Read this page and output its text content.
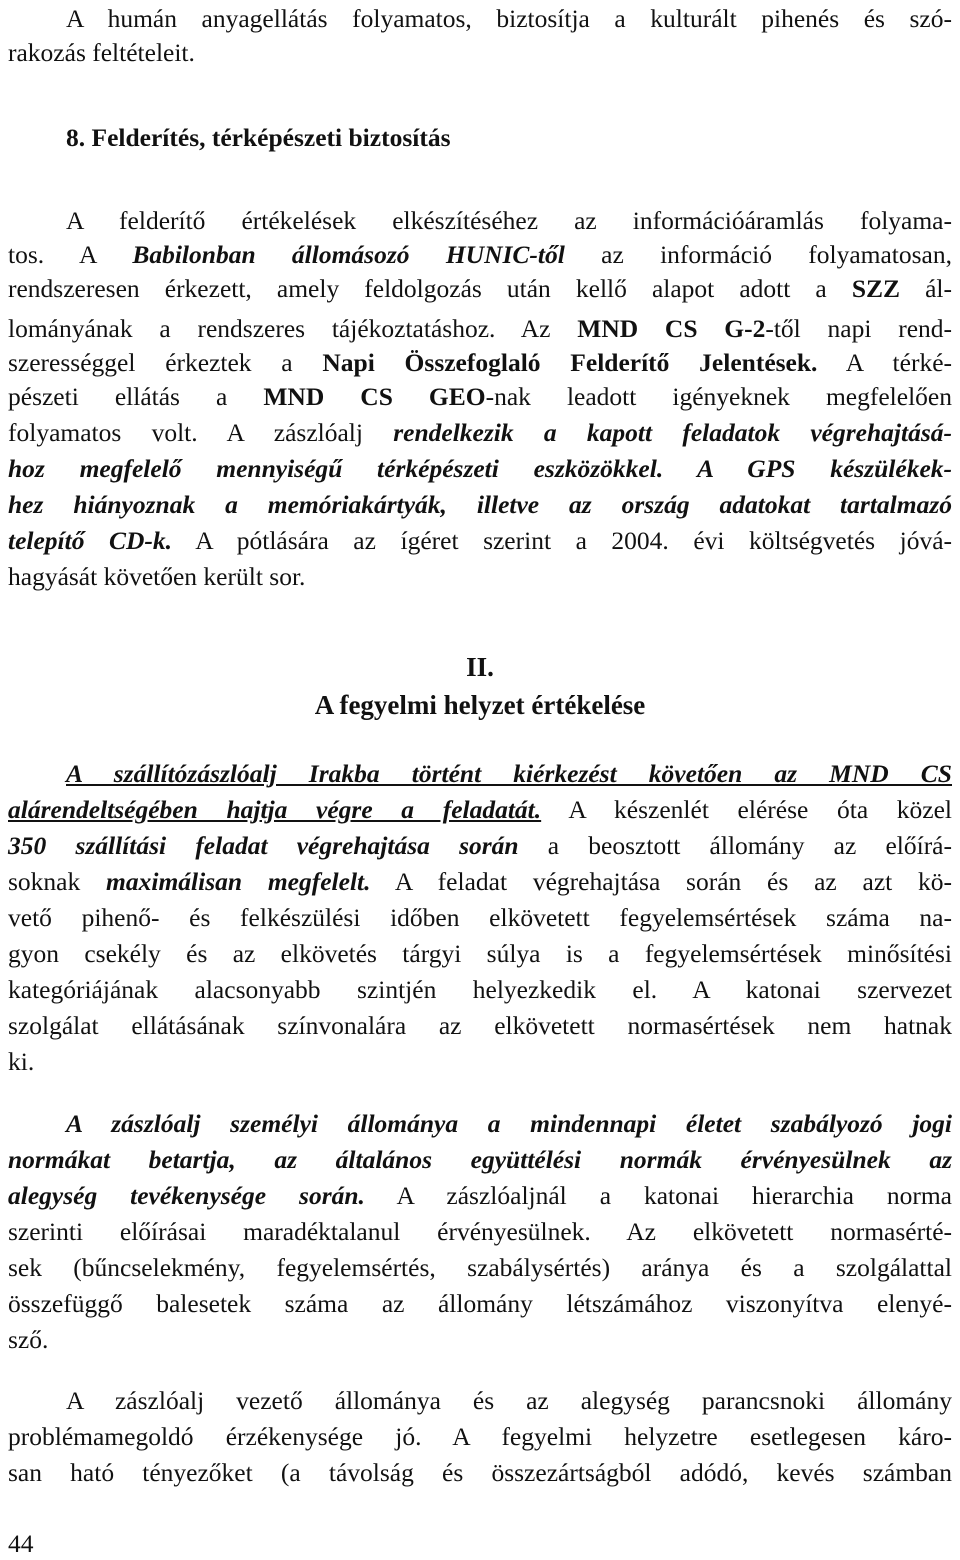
A humán anyagellátás folyamatos, biztosítja a kulturált pihenés és szó-
rakozás feltételeit.
8. Felderítés, térképészeti biztosítás
A felderítő értékelések elkészítéséhez az információáramlás folyama-
tos. A Babilonban állomásozó HUNIC-től az információ folyamatosan,
rendszeresen érkezett, amely feldolgozás után kellő alapot adott a SZZ ál-
lományának a rendszeres tájékoztatáshoz. Az MND CS G-2-től napi rend-
szerességgel érkeztek a Napi Összefoglaló Felderítő Jelentések. A térké-
pészeti ellátás a MND CS GEO-nak leadott igényeknek megfelelően
folyamatos volt. A zászlóalj rendelkezik a kapott feladatok végrehajtásá-
hoz megfelelő mennyiségű térképészeti eszközökkel. A GPS készülékek-
hez hiányoznak a memóriakártyák, illetve az ország adatokat tartalmazó
telepítő CD-k. A pótlására az ígéret szerint a 2004. évi költségvetés jóvá-
hagyását követően került sor.
II.
A fegyelmi helyzet értékelése
A szállítózászlóalj Irakba történt kiérkezést követően az MND CS
alárendeltségében hajtja végre a feladatát. A készenlét elérése óta közel
350 szállítási feladat végrehajtása során a beosztott állomány az előírá-
soknak maximálisan megfelelt. A feladat végrehajtása során és az azt kö-
vető pihenő- és felkészülési időben elkövetett fegyelemsértések száma na-
gyon csekély és az elkövetés tárgyi súlya is a fegyelemsértések minősítési
kategóriájának alacsonyabb szintjén helyezkedik el. A katonai szervezet
szolgálat ellátásának színvonalára az elkövetett normasértések nem hatnak
ki.
A zászlóalj személyi állománya a mindennapi életet szabályozó jogi
normákat betartja, az általános együttélési normák érvényesülnek az
alegység tevékenysége során. A zászlóaljnál a katonai hierarchia norma
szerinti előírásai maradéktalanul érvényesülnek. Az elkövetett normasérté-
sek (bűncselekmény, fegyelemsértés, szabálysértés) aránya és a szolgálattal
összefüggő balesetek száma az állomány létszámához viszonyítva elenyé-
sző.
A zászlóalj vezető állománya és az alegység parancsnoki állomány
problémamegoldó érzékenysége jó. A fegyelmi helyzetre esetlegesen káro-
san ható tényezőket (a távolság és összezártságból adódó, kevés számban
44
